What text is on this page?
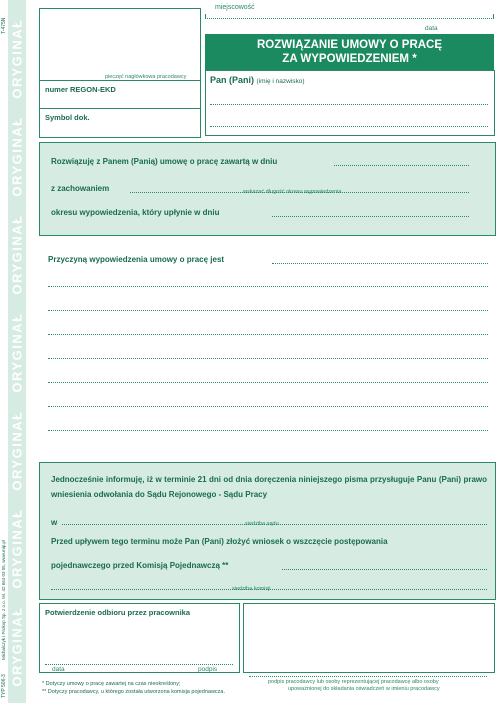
ORYGINAŁ
ORYGINAŁ
ORYGINAŁ
ORYGINAŁ
ORYGINAŁ
ORYGINAŁ
ORYGINAŁ
T-475N
TYP 506-3
Michalczyk i Prokop Sp. z o.o. tel. 42 664 03 05, www.mip.pl
pieczęć nagłówkowa pracodawcy
numer REGON-EKD
Symbol dok.
miejscowość
data
ROZWIĄZANIE UMOWY O PRACĘ
ZA WYPOWIEDZENIEM *
Pan (Pani) (imię i nazwisko)
Rozwiązuję z Panem (Panią) umowę o pracę zawartą w dniu
z zachowaniem	wskazać długość okresu wypowiedzenia
okresu wypowiedzenia, który upłynie w dniu
Przyczyną wypowiedzenia umowy o pracę jest
Jednocześnie informuję, iż w terminie 21 dni od dnia doręczenia niniejszego pisma przysługuje Panu (Pani) prawo wniesienia odwołania do Sądu Rejonowego - Sądu Pracy
w	siedziba sądu
Przed upływem tego terminu może Pan (Pani) złożyć wniosek o wszczęcie postępowania
pojednawczego przed Komisją Pojednawczą **
siedziba komisji
Potwierdzenie odbioru przez pracownika
data	podpis
podpis pracodawcy lub osoby reprezentującej pracodawcę albo osoby
upoważnionej do składania oświadczeń w imieniu pracodawcy
* Dotyczy umowy o pracę zawartej na czas nieokreślony;
** Dotyczy pracodawcy, u którego została utworzona komisja pojednawcza.
